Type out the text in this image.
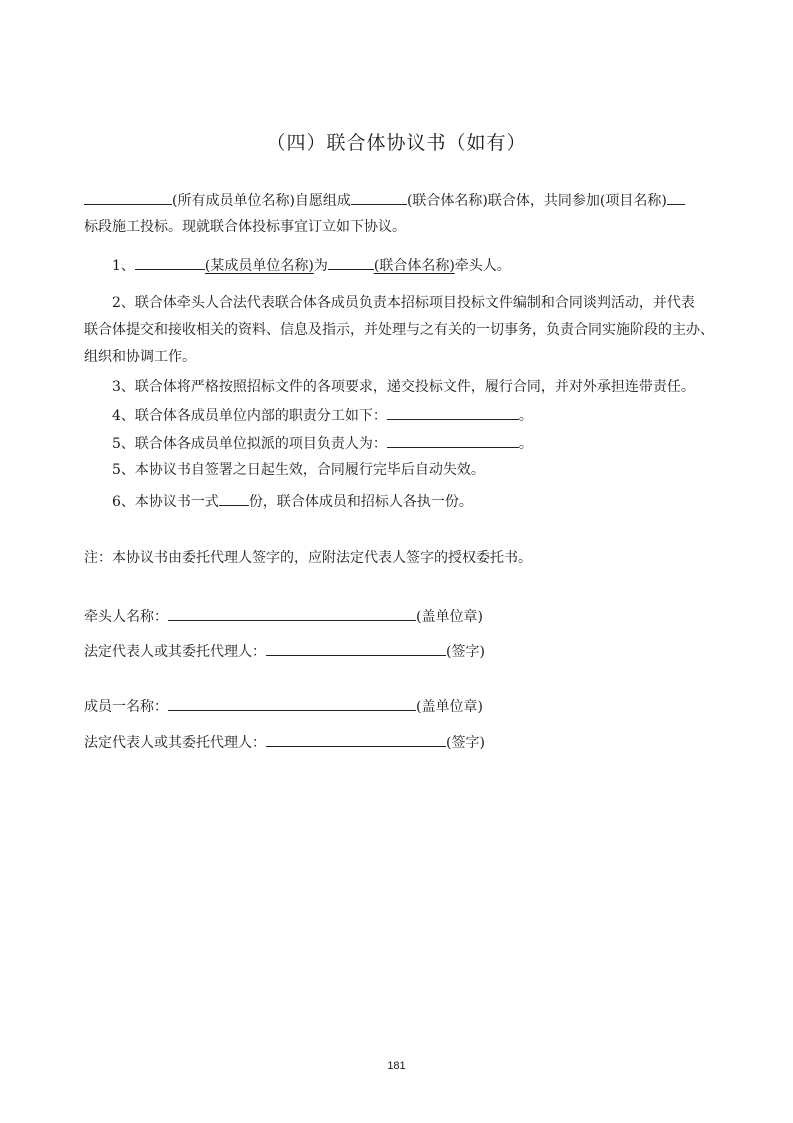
（四）联合体协议书（如有）
(所有成员单位名称)自愿组成	(联合体名称)联合体，共同参加(项目名称)
标段施工投标。现就联合体投标事宜订立如下协议。
1、	(某成员单位名称)为	(联合体名称)牵头人。
2、联合体牵头人合法代表联合体各成员负责本招标项目投标文件编制和合同谈判活动，并代表
联合体提交和接收相关的资料、信息及指示，并处理与之有关的一切事务，负责合同实施阶段的主办、
组织和协调工作。
3、联合体将严格按照招标文件的各项要求，递交投标文件，履行合同，并对外承担连带责任。
4、联合体各成员单位内部的职责分工如下：	。
5、联合体各成员单位拟派的项目负责人为：	。
5、本协议书自签署之日起生效，合同履行完毕后自动失效。
6、本协议书一式 份，联合体成员和招标人各执一份。
注：本协议书由委托代理人签字的，应附法定代表人签字的授权委托书。
牵头人名称：	(盖单位章)
法定代表人或其委托代理人：	(签字)
成员一名称：	(盖单位章)
法定代表人或其委托代理人：	(签字)
181
